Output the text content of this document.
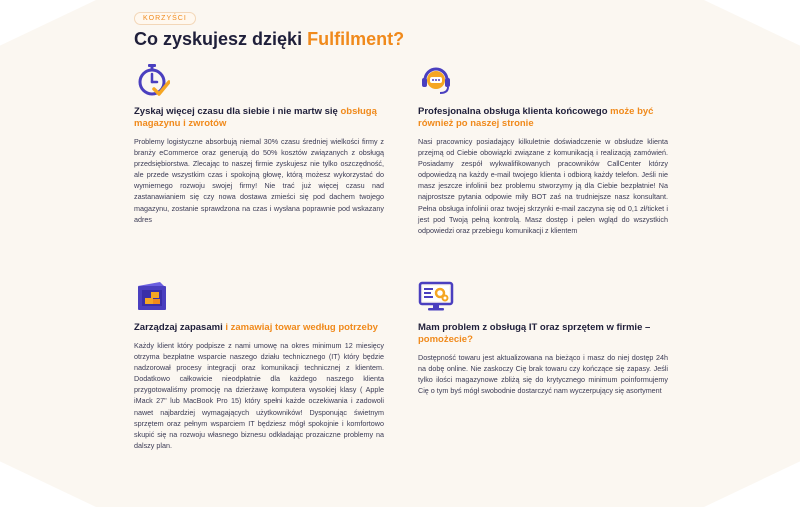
KORZYŚCI
Co zyskujesz dzięki Fulfilment?
Zyskaj więcej czasu dla siebie i nie martw się obsługą magazynu i zwrotów

Problemy logistyczne absorbują niemal 30% czasu średniej wielkości firmy z branży eCommerce oraz generują do 50% kosztów związanych z obsługą przedsiębiorstwa. Zlecając to naszej firmie zyskujesz nie tylko oszczędność, ale przede wszystkim czas i spokojną głowę, którą możesz wykorzystać do wymiernego rozwoju swojej firmy! Nie trać już więcej czasu nad zastanawianiem się czy nowa dostawa zmieści się pod dachem twojego magazynu, zostanie sprawdzona na czas i wysłana poprawnie pod wskazany adres

Profesjonalna obsługa klienta końcowego może być również po naszej stronie

Nasi pracownicy posiadający kilkuletnie doświadczenie w obsłudze klienta przejmą od Ciebie obowiązki związane z komunikacją i realizacją zamówień. Posiadamy zespół wykwalifikowanych pracowników CallCenter którzy odpowiedzą na każdy e-mail twojego klienta i odbiorą każdy telefon. Jeśli nie masz jeszcze infolinii bez problemu stworzymy ją dla Ciebie bezpłatnie! Na najprostsze pytania odpowie miły BOT zaś na trudniejsze nasz konsultant. Pełna obsługa infolinii oraz twojej skrzynki e-mail zaczyna się od 0,1 zł/ticket i jest pod Twoją pełną kontrolą. Masz dostęp i pełen wgląd do wszystkich odpowiedzi oraz przebiegu komunikacji z klientem

Zarządzaj zapasami i zamawiaj towar według potrzeby

Każdy klient który podpisze z nami umowę na okres minimum 12 miesięcy otrzyma bezpłatne wsparcie naszego działu technicznego (IT) który będzie nadzorował procesy integracji oraz komunikacji technicznej z klientem. Dodatkowo całkowicie nieodpłatnie dla każdego naszego klienta przygotowaliśmy promocję na dzierżawę komputera wysokiej klasy ( Apple iMack 27" lub MacBook Pro 15) który spełni każde oczekiwania i zadowoli nawet najbardziej wymagających użytkowników! Dysponując świetnym sprzętem oraz pełnym wsparciem IT będziesz mógł spokojnie i komfortowo skupić się na rozwoju własnego biznesu odkładając prozaiczne problemy na dalszy plan.

Mam problem z obsługą IT oraz sprzętem w firmie – pomożecie?

Dostępność towaru jest aktualizowana na bieżąco i masz do niej dostęp 24h na dobę online. Nie zaskoczy Cię brak towaru czy kończące się zapasy. Jeśli tylko ilości magazynowe zbliżą się do krytycznego minimum poinformujemy Cię o tym byś mógł swobodnie dostarczyć nam wyczerpujący się asortyment
